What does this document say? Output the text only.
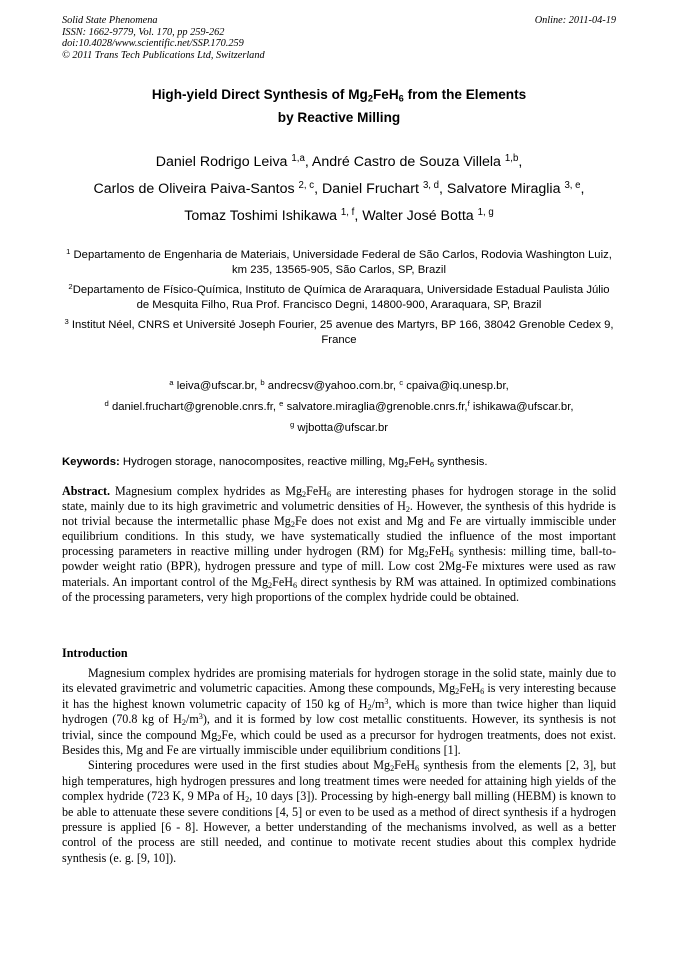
Solid State Phenomena
ISSN: 1662-9779, Vol. 170, pp 259-262
doi:10.4028/www.scientific.net/SSP.170.259
© 2011 Trans Tech Publications Ltd, Switzerland
Online: 2011-04-19
High-yield Direct Synthesis of $Mg_2FeH_6$ from the Elements
by Reactive Milling
Daniel Rodrigo Leiva $^{1,a}$, André Castro de Souza Villela $^{1,b}$,
Carlos de Oliveira Paiva-Santos $^{2, c}$, Daniel Fruchart $^{3, d}$, Salvatore Miraglia $^{3, e}$,
Tomaz Toshimi Ishikawa $^{1, f}$, Walter José Botta $^{1, g}$

$^1$ Departamento de Engenharia de Materiais, Universidade Federal de São Carlos, Rodovia Washington Luiz, km 235, 13565-905, São Carlos, SP, Brazil

$^2$Departamento de Físico-Química, Instituto de Química de Araraquara, Universidade Estadual Paulista Júlio de Mesquita Filho, Rua Prof. Francisco Degni, 14800-900, Araraquara, SP, Brazil

$^3$ Institut Néel, CNRS et Université Joseph Fourier, 25 avenue des Martyrs, BP 166, 38042 Grenoble Cedex 9, France

$^a$ leiva@ufscar.br, $^b$ andrecsv@yahoo.com.br, $^c$ cpaiva@iq.unesp.br,
$^d$ daniel.fruchart@grenoble.cnrs.fr, $^e$ salvatore.miraglia@grenoble.cnrs.fr,$^f$ ishikawa@ufscar.br,
$^g$ wjbotta@ufscar.br
Keywords: Hydrogen storage, nanocomposites, reactive milling, $Mg_2FeH_6$ synthesis.
Abstract. Magnesium complex hydrides as $Mg_2FeH_6$ are interesting phases for hydrogen storage in the solid state, mainly due to its high gravimetric and volumetric densities of $H_2$. However, the synthesis of this hydride is not trivial because the intermetallic phase $Mg_2Fe$ does not exist and Mg and Fe are virtually immiscible under equilibrium conditions. In this study, we have systematically studied the influence of the most important processing parameters in reactive milling under hydrogen (RM) for $Mg_2FeH_6$ synthesis: milling time, ball-to-powder weight ratio (BPR), hydrogen pressure and type of mill. Low cost 2Mg-Fe mixtures were used as raw materials. An important control of the $Mg_2FeH_6$ direct synthesis by RM was attained. In optimized combinations of the processing parameters, very high proportions of the complex hydride could be obtained.
Introduction

Magnesium complex hydrides are promising materials for hydrogen storage in the solid state, mainly due to its elevated gravimetric and volumetric capacities. Among these compounds, $Mg_2FeH_6$ is very interesting because it has the highest known volumetric capacity of 150 kg of $H_2/m^3$, which is more than twice higher than liquid hydrogen (70.8 kg of $H_2/m^3$), and it is formed by low cost metallic constituents. However, its synthesis is not trivial, since the compound $Mg_2Fe$, which could be used as a precursor for hydrogen treatments, does not exist. Besides this, Mg and Fe are virtually immiscible under equilibrium conditions [1].

Sintering procedures were used in the first studies about $Mg_2FeH_6$ synthesis from the elements [2, 3], but high temperatures, high hydrogen pressures and long treatment times were needed for attaining high yields of the complex hydride (723 K, 9 MPa of $H_2$, 10 days [3]). Processing by high-energy ball milling (HEBM) is known to be able to attenuate these severe conditions [4, 5] or even to be used as a method of direct synthesis if a hydrogen pressure is applied [6 - 8]. However, a better understanding of the mechanisms involved, as well as a better control of the process are still needed, and continue to motivate recent studies about this complex hydride synthesis (e. g. [9, 10]).
